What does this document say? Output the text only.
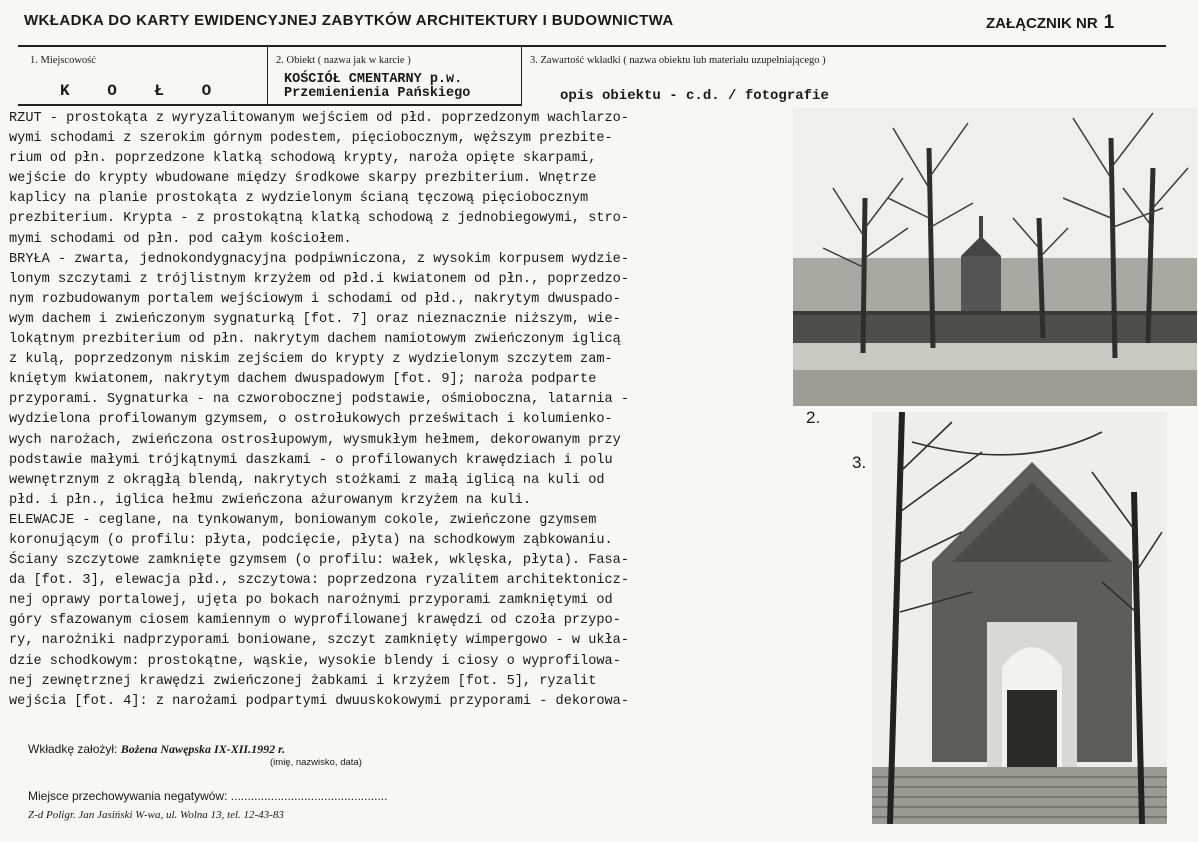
WKŁADKA DO KARTY EWIDENCYJNEJ ZABYTKÓW ARCHITEKTURY I BUDOWNICTWA	ZAŁĄCZNIK NR 1
1. Miejscowość
K O Ł O
2. Obiekt ( nazwa jak w karcie )
KOŚCIÓŁ CMENTARNY p.w.
Przemienienia Pańskiego
3. Zawartość wkładki ( nazwa obiektu lub materiału uzupełniającego )
opis obiektu - c.d. / fotografie
RZUT - prostokąta z wyryzalitowanym wejściem od płd. poprzedzonym wachlarzo-
wymi schodami z szerokim górnym podestem, pięciobocznym, węższym prezbite-
rium od płn. poprzedzone klatką schodową krypty, naroża opięte skarpami,
wejście do krypty wbudowane między środkowe skarpy prezbiterium. Wnętrze
kaplicy na planie prostokąta z wydzielonym ścianą tęczową pięciobocznym
prezbiterium. Krypta - z prostokątną klatką schodową z jednobiegowymi, stro-
mymi schodami od płn. pod całym kościołem.
BRYŁA - zwarta, jednokondygnacyjna podpiwniczona, z wysokim korpusem wydzie-
lonym szczytami z trójlistnym krzyżem od płd.i kwiatonem od płn., poprzedzo-
nym rozbudowanym portalem wejściowym i schodami od płd., nakrytym dwuspado-
wym dachem i zwieńczonym sygnaturką [fot. 7] oraz nieznacznie niższym, wie-
lokątnym prezbiterium od płn. nakrytym dachem namiotowym zwieńczonym iglicą
z kulą, poprzedzonym niskim zejściem do krypty z wydzielonym szczytem zam-
kniętym kwiatonem, nakrytym dachem dwuspadowym [fot. 9]; naroża podparte
przyporami. Sygnaturka - na czworobocznej podstawie, ośmioboczna, latarnia -
wydzielona profilowanym gzymsem, o ostrołukowych prześwitach i kolumienko-
wych narożach, zwieńczona ostrosłupowym, wysmukłym hełmem, dekorowanym przy
podstawie małymi trójkątnymi daszkami - o profilowanych krawędziach i polu
wewnętrznym z okrągłą blendą, nakrytych stożkami z małą iglicą na kuli od
płd. i płn., iglica hełmu zwieńczona ażurowanym krzyżem na kuli.
ELEWACJE - ceglane, na tynkowanym, boniowanym cokole, zwieńczone gzymsem
koronującym (o profilu: płyta, podcięcie, płyta) na schodkowym ząbkowaniu.
Ściany szczytowe zamknięte gzymsem (o profilu: wałek, wklęska, płyta). Fasa-
da [fot. 3], elewacja płd., szczytowa: poprzedzona ryzalitem architektonicz-
nej oprawy portalowej, ujęta po bokach narożnymi przyporami zamkniętymi od
góry sfazowanym ciosem kamiennym o wyprofilowanej krawędzi od czoła przypo-
ry, narożniki nadprzyporami boniowane, szczyt zamknięty wimpergowo - w ukła-
dzie schodkowym: prostokątne, wąskie, wysokie blendy i ciosy o wyprofilowa-
nej zewnętrznej krawędzi zwieńczonej żabkami i krzyżem [fot. 5], ryzalit
wejścia [fot. 4]: z narożami podpartymi dwuuskokowymi przyporami - dekorowa-
2.
3.
Wkładkę założył: Bożena Nawępska IX-XII.1992 r.
(imię, nazwisko, data)
Miejsce przechowywania negatywów: ...............................................
Z-d Poligr. Jan Jasiński W-wa, ul. Wolna 13, tel. 12-43-83
